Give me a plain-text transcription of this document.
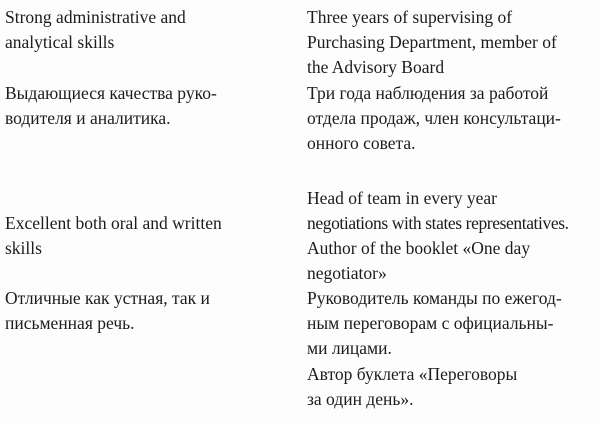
Strong administrative and
analytical skills
Выдающиеся качества руко-
водителя и аналитика.
Three years of supervising of
Purchasing Department, member of
the Advisory Board
Три года наблюдения за работой
отдела продаж, член консультаци-
онного совета.
Excellent both oral and written
skills
Отличные как устная, так и
письменная речь.
Head of team in every year
negotiations with states representatives.
Author of the booklet «One day
negotiator»
Руководитель команды по ежегод-
ным переговорам с официальны-
ми лицами.
Автор буклета «Переговоры
за один день».
